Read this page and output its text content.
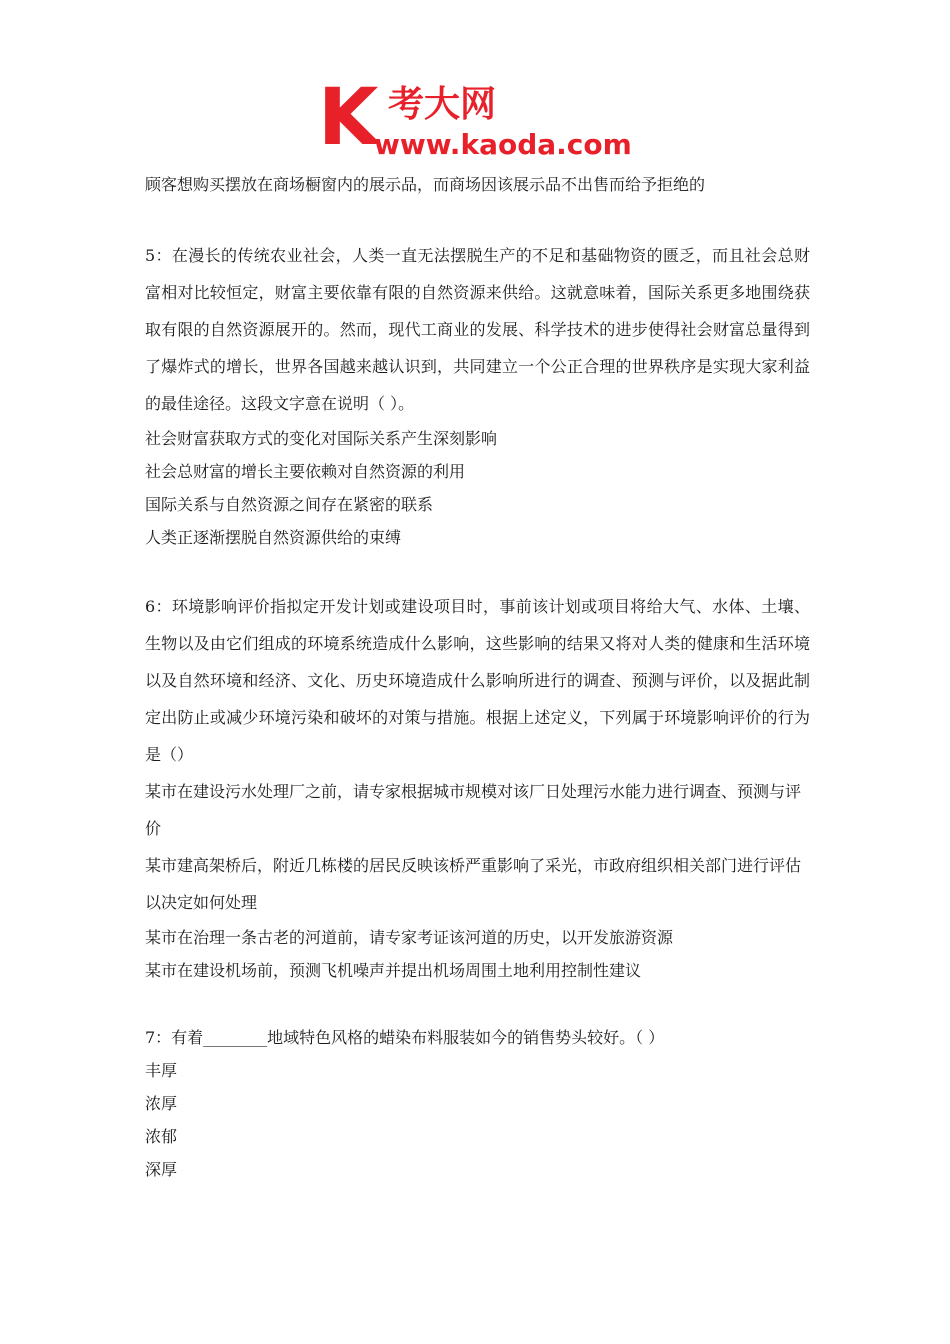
K 考大网
www.kaoda.com

顾客想购买摆放在商场橱窗内的展示品，而商场因该展示品不出售而给予拒绝的

5：在漫长的传统农业社会，人类一直无法摆脱生产的不足和基础物资的匮乏，而且社会总财富相对比较恒定，财富主要依靠有限的自然资源来供给。这就意味着，国际关系更多地围绕获取有限的自然资源展开的。然而，现代工商业的发展、科学技术的进步使得社会财富总量得到了爆炸式的增长，世界各国越来越认识到，共同建立一个公正合理的世界秩序是实现大家利益的最佳途径。这段文字意在说明（ ）。

社会财富获取方式的变化对国际关系产生深刻影响

社会总财富的增长主要依赖对自然资源的利用

国际关系与自然资源之间存在紧密的联系

人类正逐渐摆脱自然资源供给的束缚

6：环境影响评价指拟定开发计划或建设项目时，事前该计划或项目将给大气、水体、土壤、生物以及由它们组成的环境系统造成什么影响，这些影响的结果又将对人类的健康和生活环境以及自然环境和经济、文化、历史环境造成什么影响所进行的调查、预测与评价，以及据此制定出防止或减少环境污染和破坏的对策与措施。根据上述定义，下列属于环境影响评价的行为是（）

某市在建设污水处理厂之前，请专家根据城市规模对该厂日处理污水能力进行调查、预测与评价

某市建高架桥后，附近几栋楼的居民反映该桥严重影响了采光，市政府组织相关部门进行评估以决定如何处理

某市在治理一条古老的河道前，请专家考证该河道的历史，以开发旅游资源

某市在建设机场前，预测飞机噪声并提出机场周围土地利用控制性建议

7：有着________地域特色风格的蜡染布料服装如今的销售势头较好。（ ）

丰厚

浓厚

浓郁

深厚
